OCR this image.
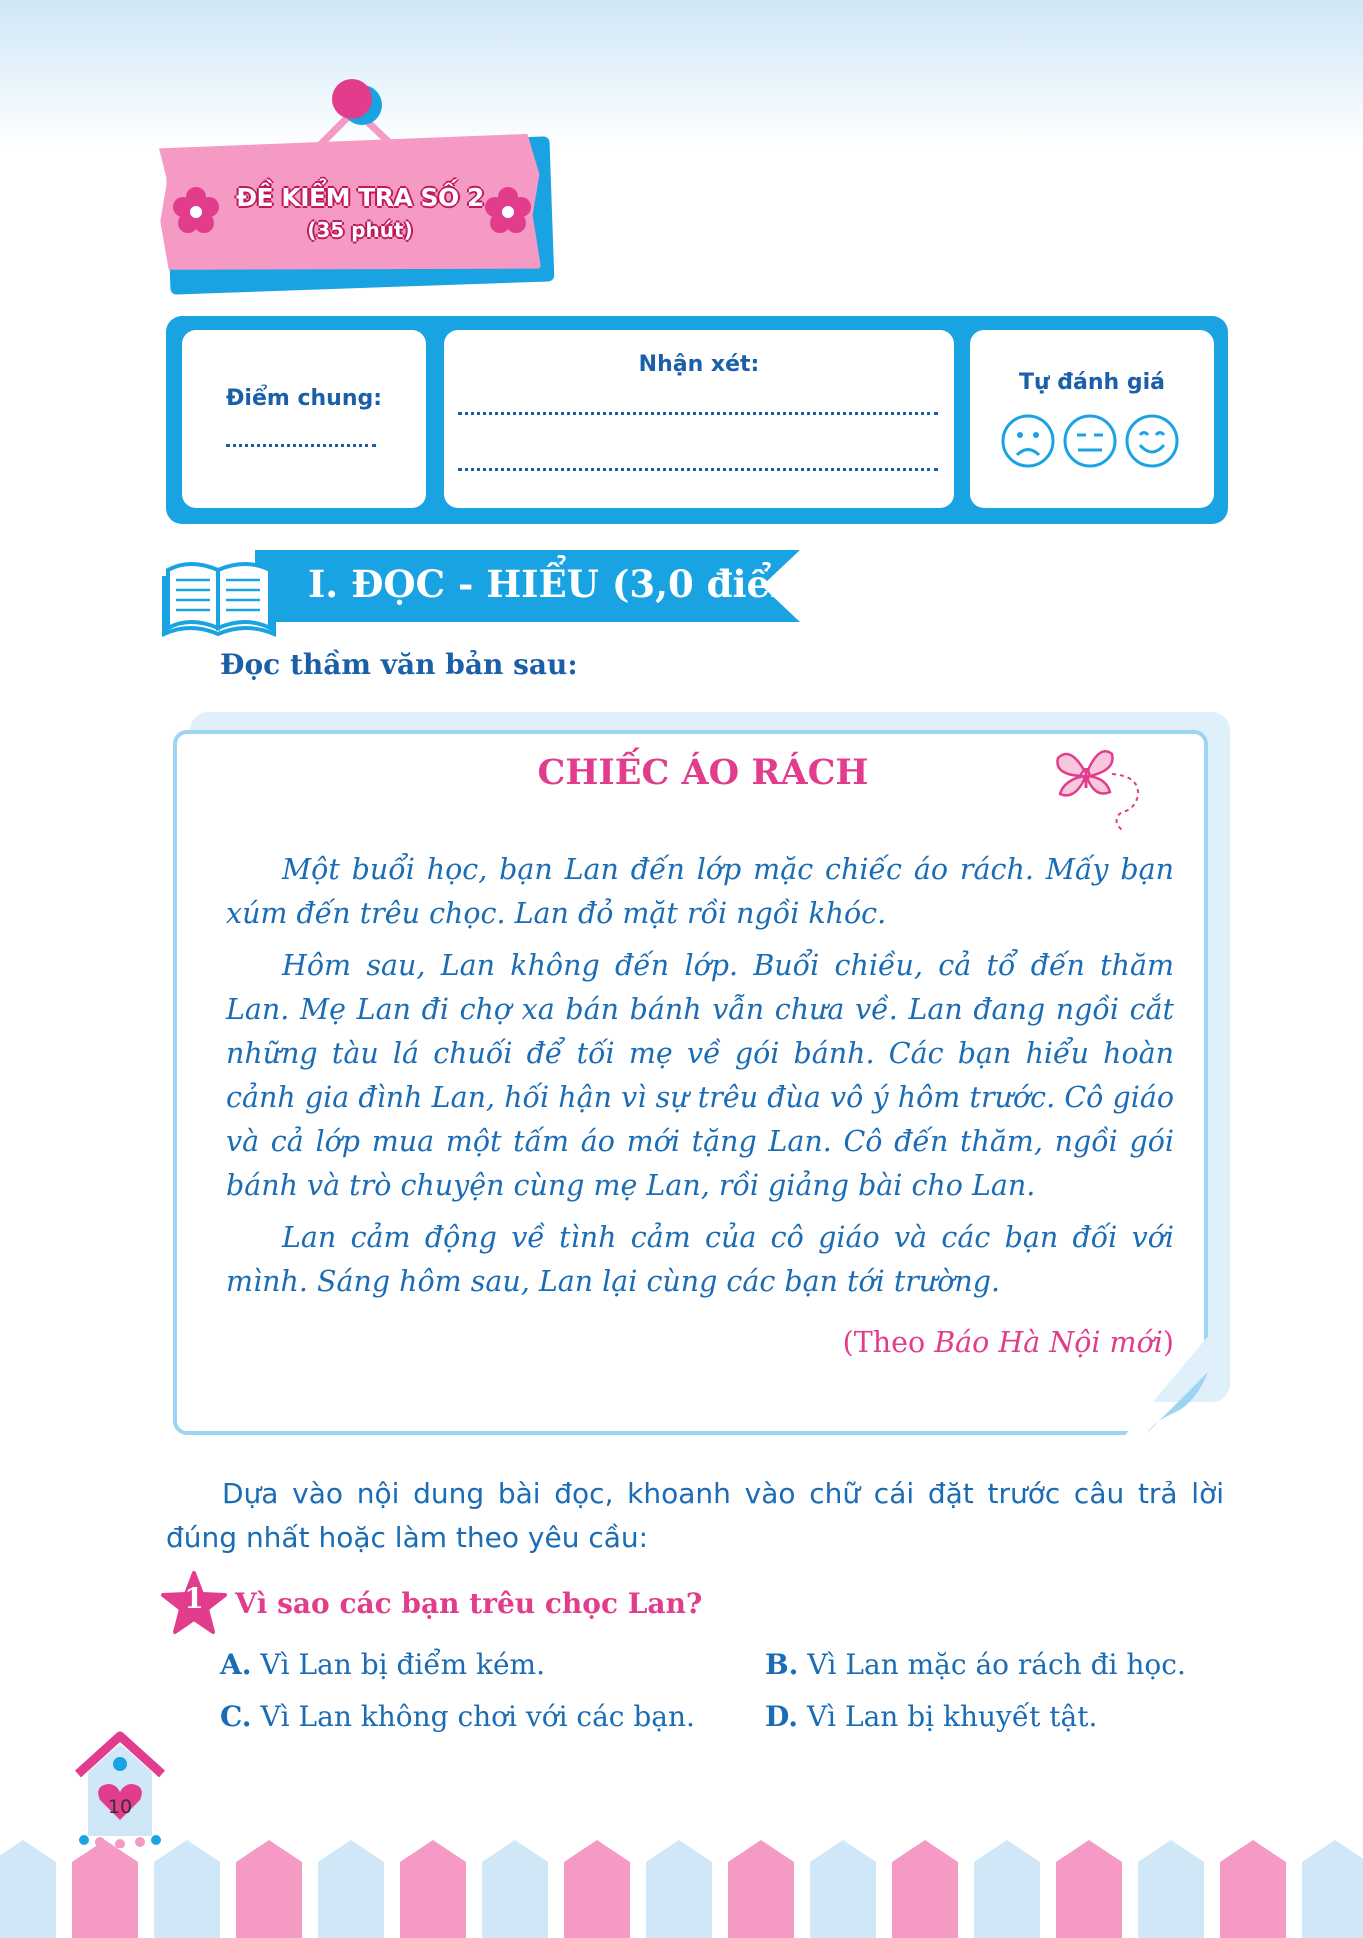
ĐỀ KIỂM TRA SỐ 2
(35 phút)
Điểm chung:
Nhận xét:
Tự đánh giá
I. ĐỌC - HIỂU (3,0 điểm)
Đọc thầm văn bản sau:
CHIẾC ÁO RÁCH

Một buổi học, bạn Lan đến lớp mặc chiếc áo rách. Mấy bạn xúm đến trêu chọc. Lan đỏ mặt rồi ngồi khóc.

Hôm sau, Lan không đến lớp. Buổi chiều, cả tổ đến thăm Lan. Mẹ Lan đi chợ xa bán bánh vẫn chưa về. Lan đang ngồi cắt những tàu lá chuối để tối mẹ về gói bánh. Các bạn hiểu hoàn cảnh gia đình Lan, hối hận vì sự trêu đùa vô ý hôm trước. Cô giáo và cả lớp mua một tấm áo mới tặng Lan. Cô đến thăm, ngồi gói bánh và trò chuyện cùng mẹ Lan, rồi giảng bài cho Lan.

Lan cảm động về tình cảm của cô giáo và các bạn đối với mình. Sáng hôm sau, Lan lại cùng các bạn tới trường.

(Theo Báo Hà Nội mới)
Dựa vào nội dung bài đọc, khoanh vào chữ cái đặt trước câu trả lời đúng nhất hoặc làm theo yêu cầu:
1	Vì sao các bạn trêu chọc Lan?
A. Vì Lan bị điểm kém.	B. Vì Lan mặc áo rách đi học.
C. Vì Lan không chơi với các bạn.	D. Vì Lan bị khuyết tật.
10
